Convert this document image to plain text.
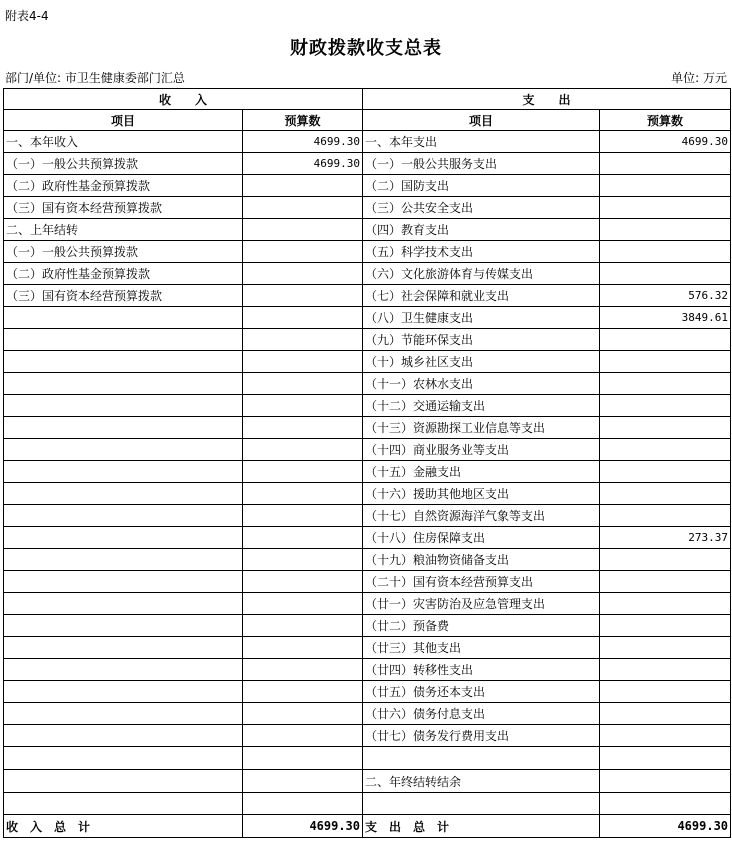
附表4-4
财政拨款收支总表
部门/单位: 市卫生健康委部门汇总	单位: 万元
收　　入		支　　出	
项目	预算数	项目	预算数
一、本年收入	4699.30	一、本年支出	4699.30
（一）一般公共预算拨款	4699.30	（一）一般公共服务支出	
（二）政府性基金预算拨款		（二）国防支出	
（三）国有资本经营预算拨款		（三）公共安全支出	
二、上年结转		（四）教育支出	
（一）一般公共预算拨款		（五）科学技术支出	
（二）政府性基金预算拨款		（六）文化旅游体育与传媒支出	
（三）国有资本经营预算拨款		（七）社会保障和就业支出	576.32
		（八）卫生健康支出	3849.61
		（九）节能环保支出	
		（十）城乡社区支出	
		（十一）农林水支出	
		（十二）交通运输支出	
		（十三）资源勘探工业信息等支出	
		（十四）商业服务业等支出	
		（十五）金融支出	
		（十六）援助其他地区支出	
		（十七）自然资源海洋气象等支出	
		（十八）住房保障支出	273.37
		（十九）粮油物资储备支出	
		（二十）国有资本经营预算支出	
		（廿一）灾害防治及应急管理支出	
		（廿二）预备费	
		（廿三）其他支出	
		（廿四）转移性支出	
		（廿五）债务还本支出	
		（廿六）债务付息支出	
		（廿七）债务发行费用支出	

		二、年终结转结余	

收　入　总　计	4699.30	支　出　总　计	4699.30
